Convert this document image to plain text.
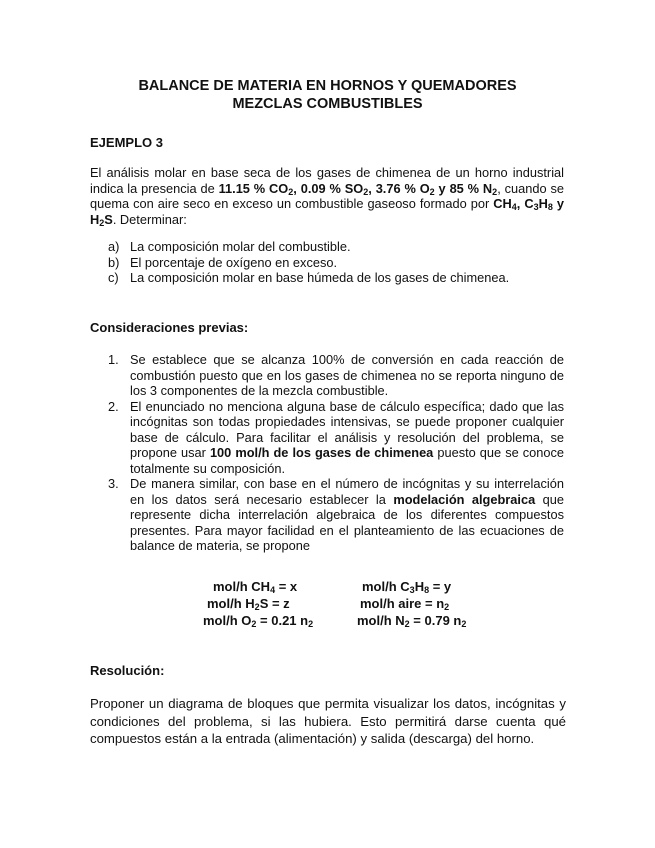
BALANCE DE MATERIA EN HORNOS Y QUEMADORES
MEZCLAS COMBUSTIBLES
EJEMPLO 3
El análisis molar en base seca de los gases de chimenea de un horno industrial indica la presencia de 11.15 % $CO_2$, 0.09 % $SO_2$, 3.76 % $O_2$ y 85 % $N_2$, cuando se quema con aire seco en exceso un combustible gaseoso formado por $CH_4$, $C_3H_8$ y $H_2S$. Determinar:
a) La composición molar del combustible.
b) El porcentaje de oxígeno en exceso.
c) La composición molar en base húmeda de los gases de chimenea.
Consideraciones previas:
1. Se establece que se alcanza 100% de conversión en cada reacción de combustión puesto que en los gases de chimenea no se reporta ninguno de los 3 componentes de la mezcla combustible.
2. El enunciado no menciona alguna base de cálculo específica; dado que las incógnitas son todas propiedades intensivas, se puede proponer cualquier base de cálculo. Para facilitar el análisis y resolución del problema, se propone usar 100 mol/h de los gases de chimenea puesto que se conoce totalmente su composición.
3. De manera similar, con base en el número de incógnitas y su interrelación en los datos será necesario establecer la modelación algebraica que represente dicha interrelación algebraica de los diferentes compuestos presentes. Para mayor facilidad en el planteamiento de las ecuaciones de balance de materia, se propone
mol/h $CH_4 = x$	mol/h $C_3H_8 = y$
mol/h $H_2S = z$	mol/h aire = $n_2$
mol/h $O_2 = 0.21$ $n_2$	mol/h $N_2 = 0.79$ $n_2$
Resolución:
Proponer un diagrama de bloques que permita visualizar los datos, incógnitas y condiciones del problema, si las hubiera. Esto permitirá darse cuenta qué compuestos están a la entrada (alimentación) y salida (descarga) del horno.
